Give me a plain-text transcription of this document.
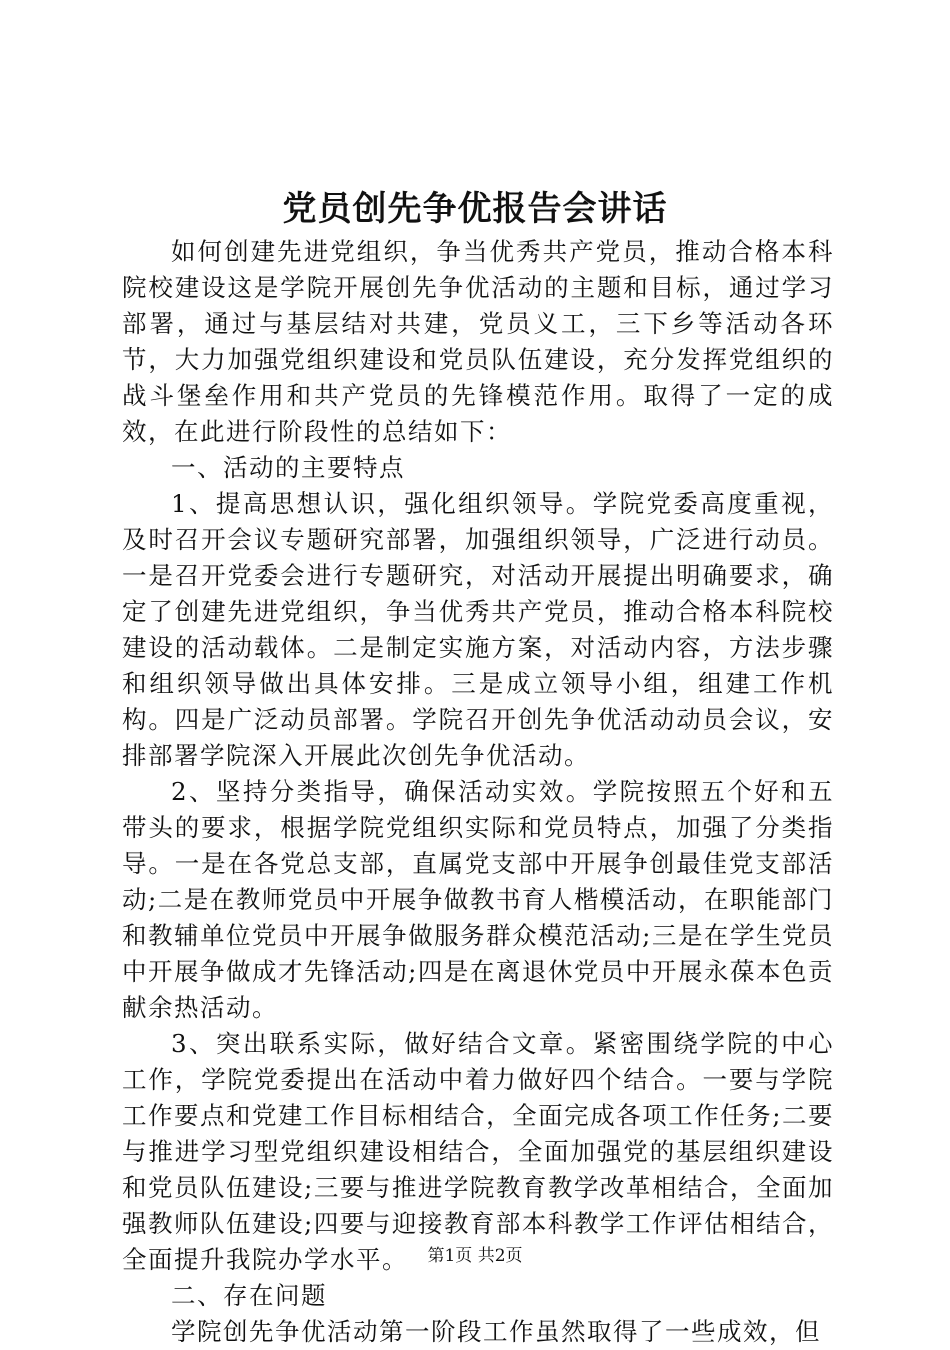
党员创先争优报告会讲话

如何创建先进党组织，争当优秀共产党员，推动合格本科院校建设这是学院开展创先争优活动的主题和目标，通过学习部署，通过与基层结对共建，党员义工，三下乡等活动各环节，大力加强党组织建设和党员队伍建设，充分发挥党组织的战斗堡垒作用和共产党员的先锋模范作用。取得了一定的成效，在此进行阶段性的总结如下：

一、活动的主要特点

1、提高思想认识，强化组织领导。学院党委高度重视，及时召开会议专题研究部署，加强组织领导，广泛进行动员。一是召开党委会进行专题研究，对活动开展提出明确要求，确定了创建先进党组织，争当优秀共产党员，推动合格本科院校建设的活动载体。二是制定实施方案，对活动内容，方法步骤和组织领导做出具体安排。三是成立领导小组，组建工作机构。四是广泛动员部署。学院召开创先争优活动动员会议，安排部署学院深入开展此次创先争优活动。

2、坚持分类指导，确保活动实效。学院按照五个好和五带头的要求，根据学院党组织实际和党员特点，加强了分类指导。一是在各党总支部，直属党支部中开展争创最佳党支部活动;二是在教师党员中开展争做教书育人楷模活动，在职能部门和教辅单位党员中开展争做服务群众模范活动;三是在学生党员中开展争做成才先锋活动;四是在离退休党员中开展永葆本色贡献余热活动。

3、突出联系实际，做好结合文章。紧密围绕学院的中心工作，学院党委提出在活动中着力做好四个结合。一要与学院工作要点和党建工作目标相结合，全面完成各项工作任务;二要与推进学习型党组织建设相结合，全面加强党的基层组织建设和党员队伍建设;三要与推进学院教育教学改革相结合，全面加强教师队伍建设;四要与迎接教育部本科教学工作评估相结合，全面提升我院办学水平。

二、存在问题

学院创先争优活动第一阶段工作虽然取得了一些成效，但

第1页 共2页
